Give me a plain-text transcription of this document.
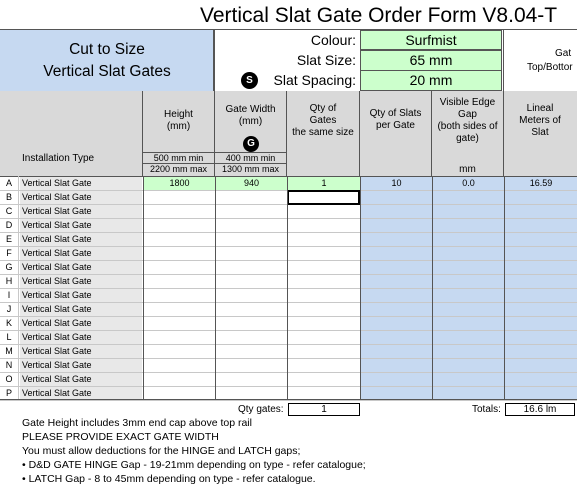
Vertical Slat Gate Order Form V8.04-T
Cut to Size
Vertical Slat Gates
Colour:	Surfmist
Slat Size:	65 mm
S	Slat Spacing:	20 mm
Gat
Top/Bottor
Installation Type
Height
(mm)
500 mm min
2200 mm max
Gate Width
(mm)
G
400 mm min
1300 mm max
Qty of
Gates
the same size
Qty of Slats
per Gate
Visible Edge
Gap
(both sides of
gate)
mm
Lineal
Meters of
Slat
A	Vertical Slat Gate	1800	940	1	10	0.0	16.59
B	Vertical Slat Gate
C	Vertical Slat Gate
D	Vertical Slat Gate
E	Vertical Slat Gate
F	Vertical Slat Gate
G	Vertical Slat Gate
H	Vertical Slat Gate
I	Vertical Slat Gate
J	Vertical Slat Gate
K	Vertical Slat Gate
L	Vertical Slat Gate
M	Vertical Slat Gate
N	Vertical Slat Gate
O	Vertical Slat Gate
P	Vertical Slat Gate
Qty gates:	1	Totals:	16.6 lm
Gate Height includes 3mm end cap above top rail
PLEASE PROVIDE EXACT GATE WIDTH
You must allow deductions for the HINGE and LATCH gaps;
• D&D GATE HINGE Gap - 19-21mm depending on type - refer catalogue;
• LATCH Gap - 8 to 45mm depending on type - refer catalogue.
